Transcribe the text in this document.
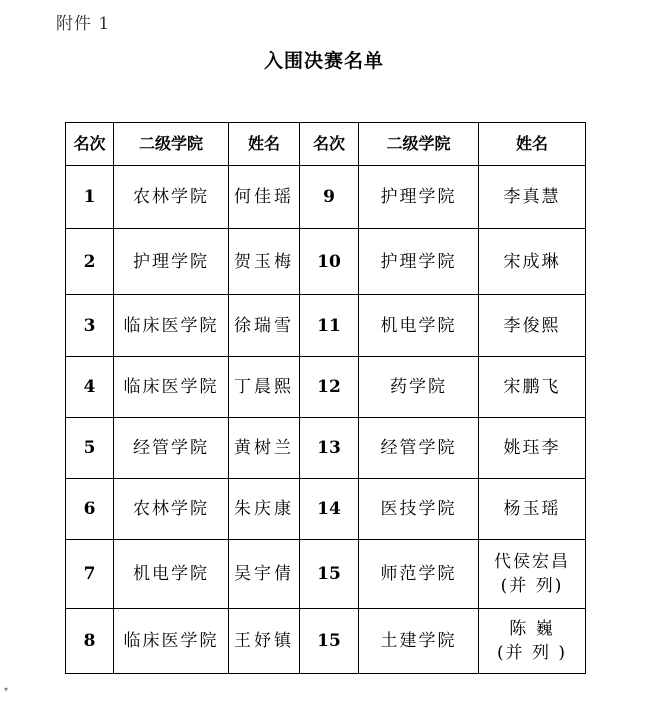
附件 1
入围决赛名单
名次	二级学院	姓名	名次	二级学院	姓名
1	农林学院	何佳瑶	9	护理学院	李真慧

2	护理学院	贺玉梅	10	护理学院	宋成琳

3	临床医学院	徐瑞雪	11	机电学院	李俊熙

4	临床医学院	丁晨熙	12	药学院	宋鹏飞

5	经管学院	黄树兰	13	经管学院	姚珏李

6	农林学院	朱庆康	14	医技学院	杨玉瑶

7	机电学院	吴宇倩	15	师范学院	代侯宏昌
(并 列)

8	临床医学院	王妤镇	15	土建学院	陈 巍
(并 列 )
▾
